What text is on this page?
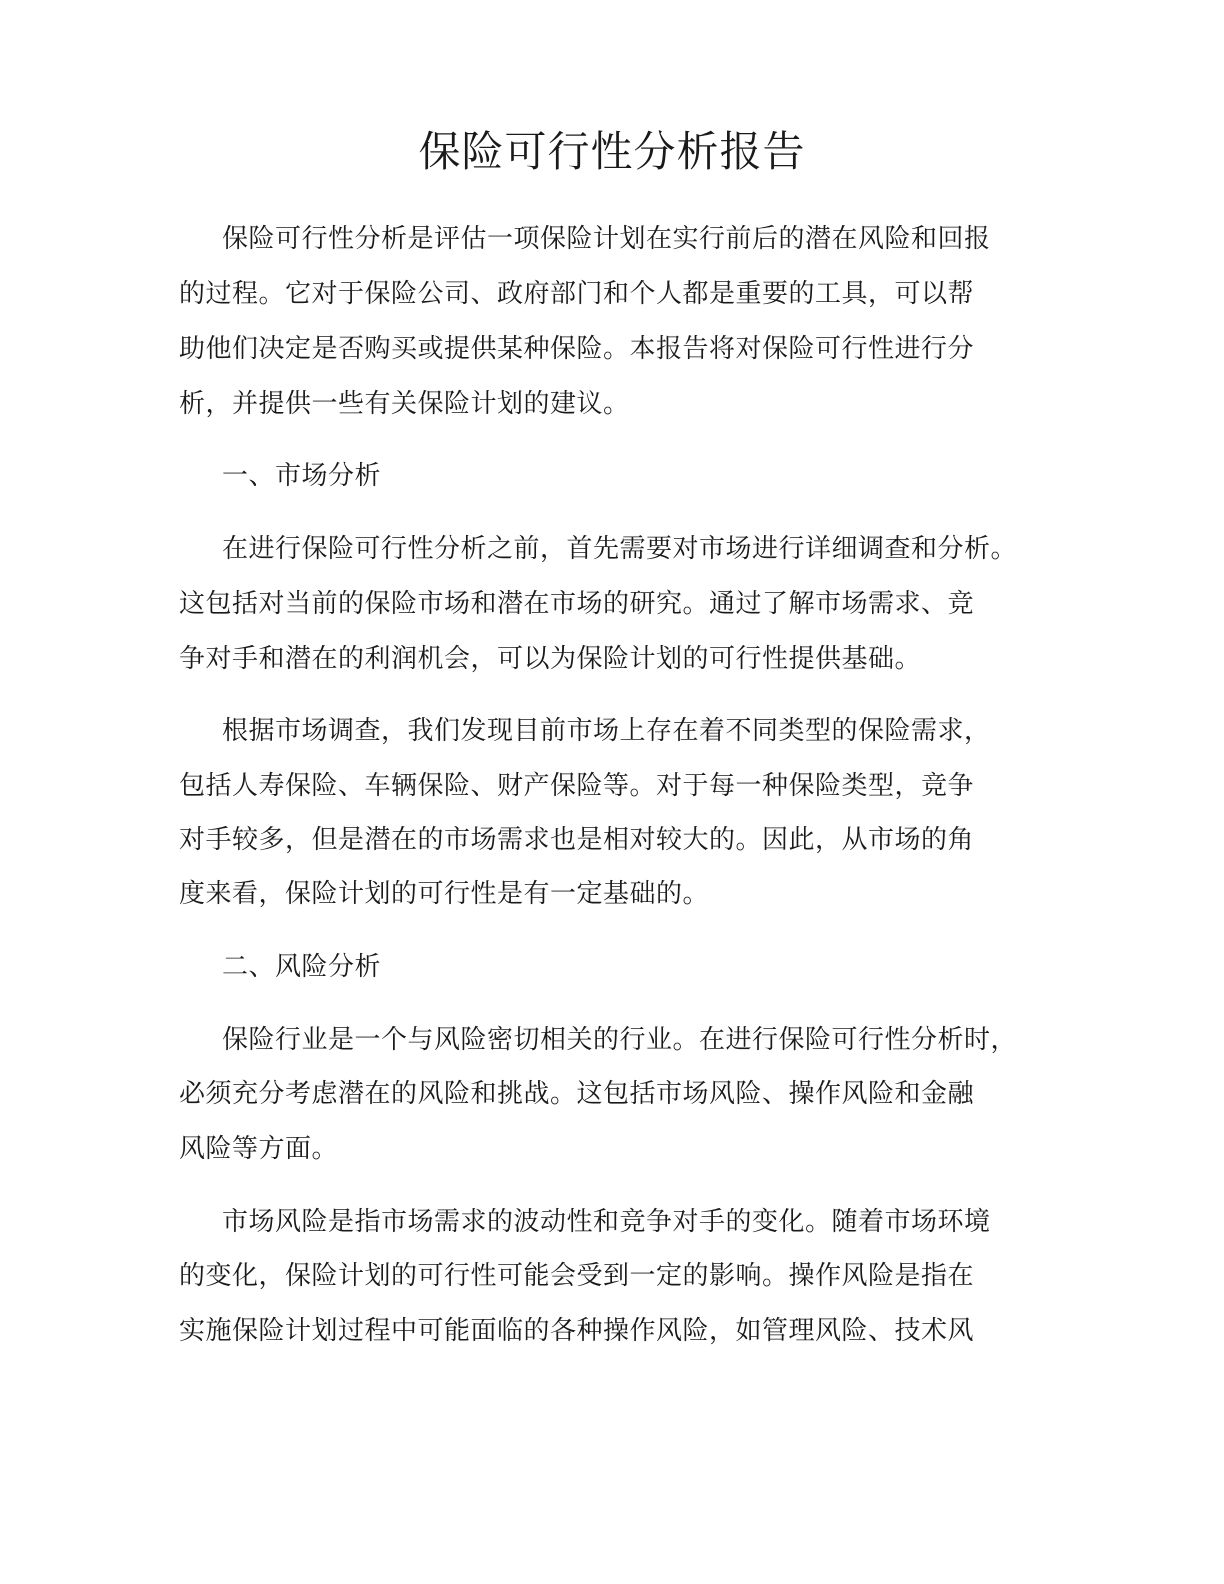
保险可行性分析报告
保险可行性分析是评估一项保险计划在实行前后的潜在风险和回报
的过程。它对于保险公司、政府部门和个人都是重要的工具，可以帮
助他们决定是否购买或提供某种保险。本报告将对保险可行性进行分
析，并提供一些有关保险计划的建议。
一、市场分析
在进行保险可行性分析之前，首先需要对市场进行详细调查和分析。
这包括对当前的保险市场和潜在市场的研究。通过了解市场需求、竞
争对手和潜在的利润机会，可以为保险计划的可行性提供基础。
根据市场调查，我们发现目前市场上存在着不同类型的保险需求，
包括人寿保险、车辆保险、财产保险等。对于每一种保险类型，竞争
对手较多，但是潜在的市场需求也是相对较大的。因此，从市场的角
度来看，保险计划的可行性是有一定基础的。
二、风险分析
保险行业是一个与风险密切相关的行业。在进行保险可行性分析时，
必须充分考虑潜在的风险和挑战。这包括市场风险、操作风险和金融
风险等方面。
市场风险是指市场需求的波动性和竞争对手的变化。随着市场环境
的变化，保险计划的可行性可能会受到一定的影响。操作风险是指在
实施保险计划过程中可能面临的各种操作风险，如管理风险、技术风
